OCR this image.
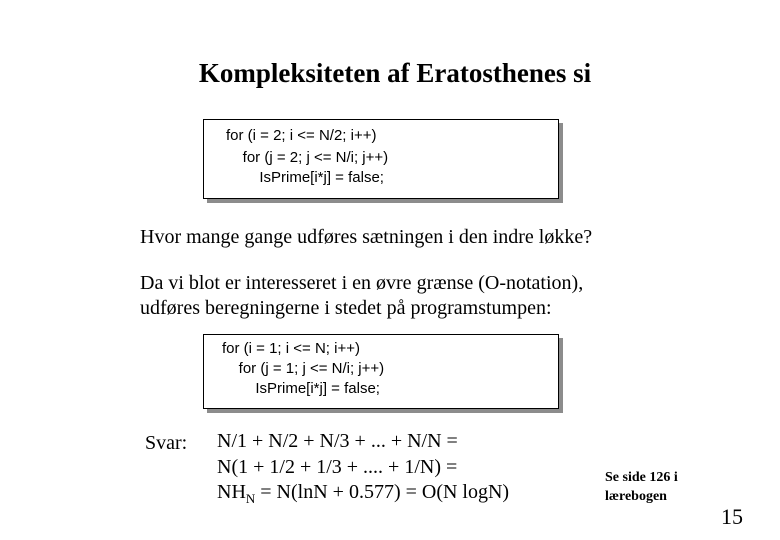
Kompleksiteten af Eratosthenes si
for (i = 2; i <= N/2; i++)
for (j = 2; j <= N/i; j++)
IsPrime[i*j] = false;
Hvor mange gange udføres sætningen i den indre løkke?
Da vi blot er interesseret i en øvre grænse (O-notation),
udføres beregningerne i stedet på programstumpen:
for (i = 1; i <= N; i++)
for (j = 1; j <= N/i; j++)
IsPrime[i*j] = false;
Svar: N/1 + N/2 + N/3 + ... + N/N =
N(1 + 1/2 + 1/3 + .... + 1/N) =
$NH_N = N(\ln N + 0.577) = O(N$ logN)
Se side 126 i
lærebogen
15
